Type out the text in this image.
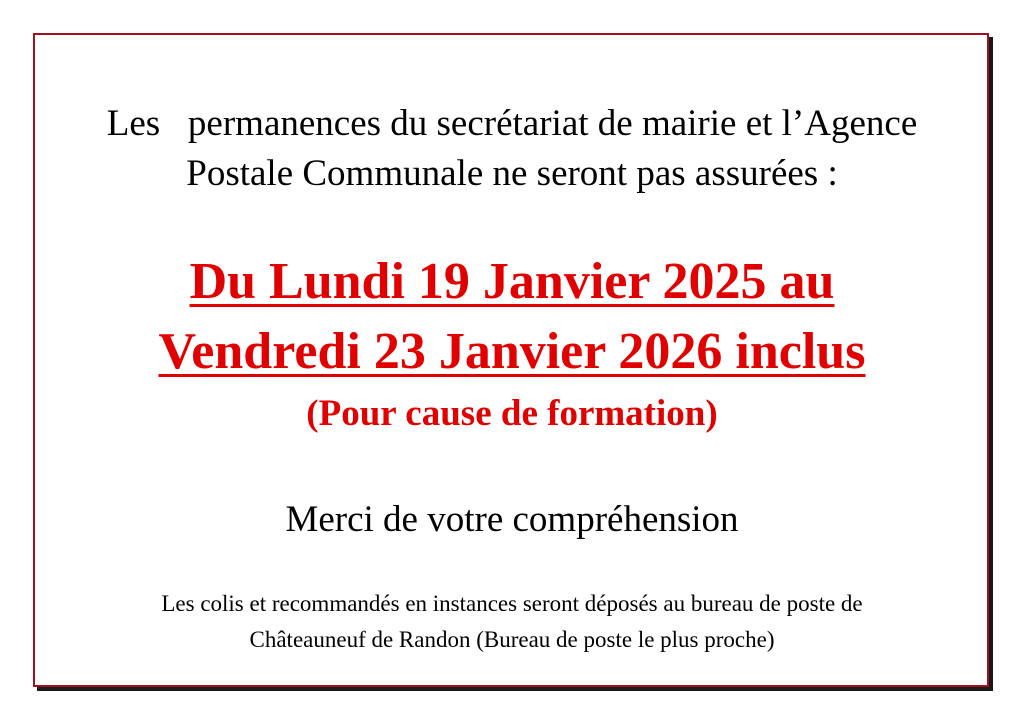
Les   permanences du secrétariat de mairie et l’Agence
Postale Communale ne seront pas assurées :
Du Lundi 19 Janvier 2025 au
Vendredi 23 Janvier 2026 inclus
(Pour cause de formation)
Merci de votre compréhension
Les colis et recommandés en instances seront déposés au bureau de poste de
Châteauneuf de Randon (Bureau de poste le plus proche)
